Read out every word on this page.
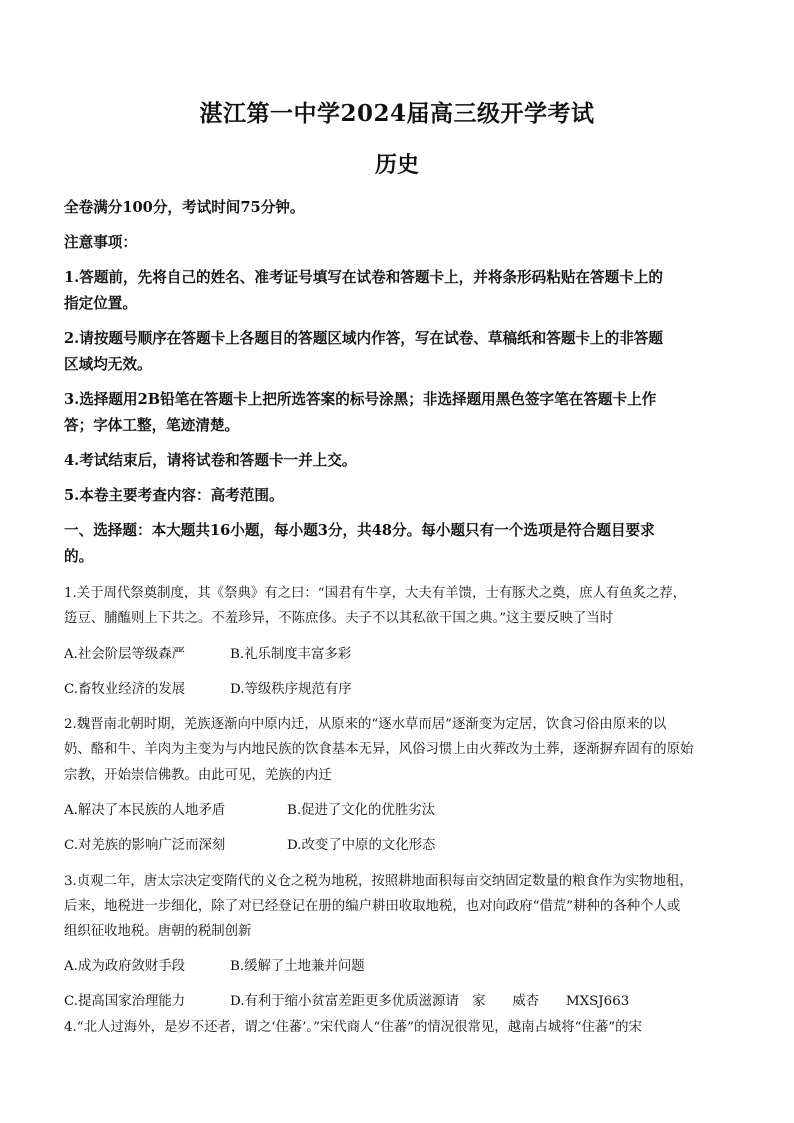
湛江第一中学2024届高三级开学考试
历史
全卷满分100分，考试时间75分钟。
注意事项：
1.答题前，先将自己的姓名、准考证号填写在试卷和答题卡上，并将条形码粘贴在答题卡上的
指定位置。
2.请按题号顺序在答题卡上各题目的答题区域内作答，写在试卷、草稿纸和答题卡上的非答题
区域均无效。
3.选择题用2B铅笔在答题卡上把所选答案的标号涂黑；非选择题用黑色签字笔在答题卡上作
答；字体工整，笔迹清楚。
4.考试结束后，请将试卷和答题卡一并上交。
5.本卷主要考查内容：高考范围。
一、选择题：本大题共16小题，每小题3分，共48分。每小题只有一个选项是符合题目要求
的。
1.关于周代祭奠制度，其《祭典》有之曰：“国君有牛享，大夫有羊馈，士有豚犬之奠，庶人有鱼炙之荐，
笾豆、脯醢则上下共之。不羞珍异，不陈庶侈。夫子不以其私欲干国之典。”这主要反映了当时
A.社会阶层等级森严	B.礼乐制度丰富多彩
C.畜牧业经济的发展	D.等级秩序规范有序
2.魏晋南北朝时期，羌族逐渐向中原内迁，从原来的“逐水草而居”逐渐变为定居，饮食习俗由原来的以
奶、酪和牛、羊肉为主变为与内地民族的饮食基本无异，风俗习惯上由火葬改为土葬，逐渐摒弃固有的原始
宗教，开始崇信佛教。由此可见，羌族的内迁
A.解决了本民族的人地矛盾	B.促进了文化的优胜劣汰
C.对羌族的影响广泛而深刻	D.改变了中原的文化形态
3.贞观二年，唐太宗决定变隋代的义仓之税为地税，按照耕地面积每亩交纳固定数量的粮食作为实物地租，
后来，地税进一步细化，除了对已经登记在册的编户耕田收取地税，也对向政府“借荒”耕种的各种个人或
组织征收地税。唐朝的税制创新
A.成为政府敛财手段	B.缓解了土地兼并问题
C.提高国家治理能力	D.有利于缩小贫富差距更多优质滋源请　家　　威杏　　MXSJ663
4.“北人过海外，是岁不还者，谓之‘住蕃’。”宋代商人“住蕃”的情况很常见，越南占城将“住蕃”的宋
